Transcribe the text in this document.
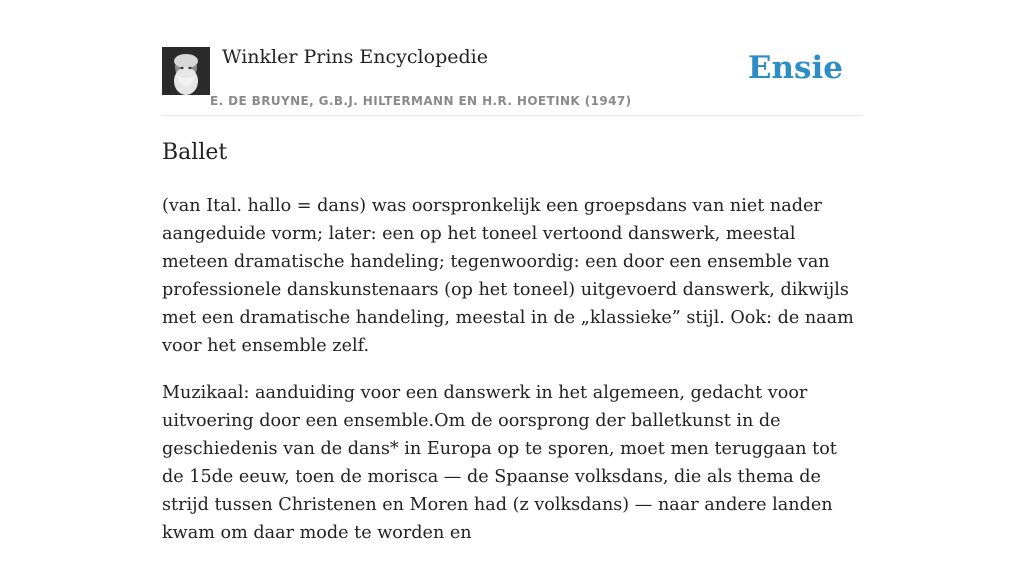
Winkler Prins Encyclopedie
E. DE BRUYNE, G.B.J. HILTERMANN EN H.R. HOETINK (1947)
Ensie
Ballet

(van Ital. hallo = dans) was oorspronkelijk een groepsdans van niet nader aangeduide vorm; later: een op het toneel vertoond danswerk, meestal meteen dramatische handeling; tegenwoordig: een door een ensemble van professionele danskunstenaars (op het toneel) uitgevoerd danswerk, dikwijls met een dramatische handeling, meestal in de „klassieke” stijl. Ook: de naam voor het ensemble zelf.

Muzikaal: aanduiding voor een danswerk in het algemeen, gedacht voor uitvoering door een ensemble.Om de oorsprong der balletkunst in de geschiedenis van de dans* in Europa op te sporen, moet men teruggaan tot de 15de eeuw, toen de morisca — de Spaanse volksdans, die als thema de strijd tussen Christenen en Moren had (z volksdans) — naar andere landen kwam om daar mode te worden en
